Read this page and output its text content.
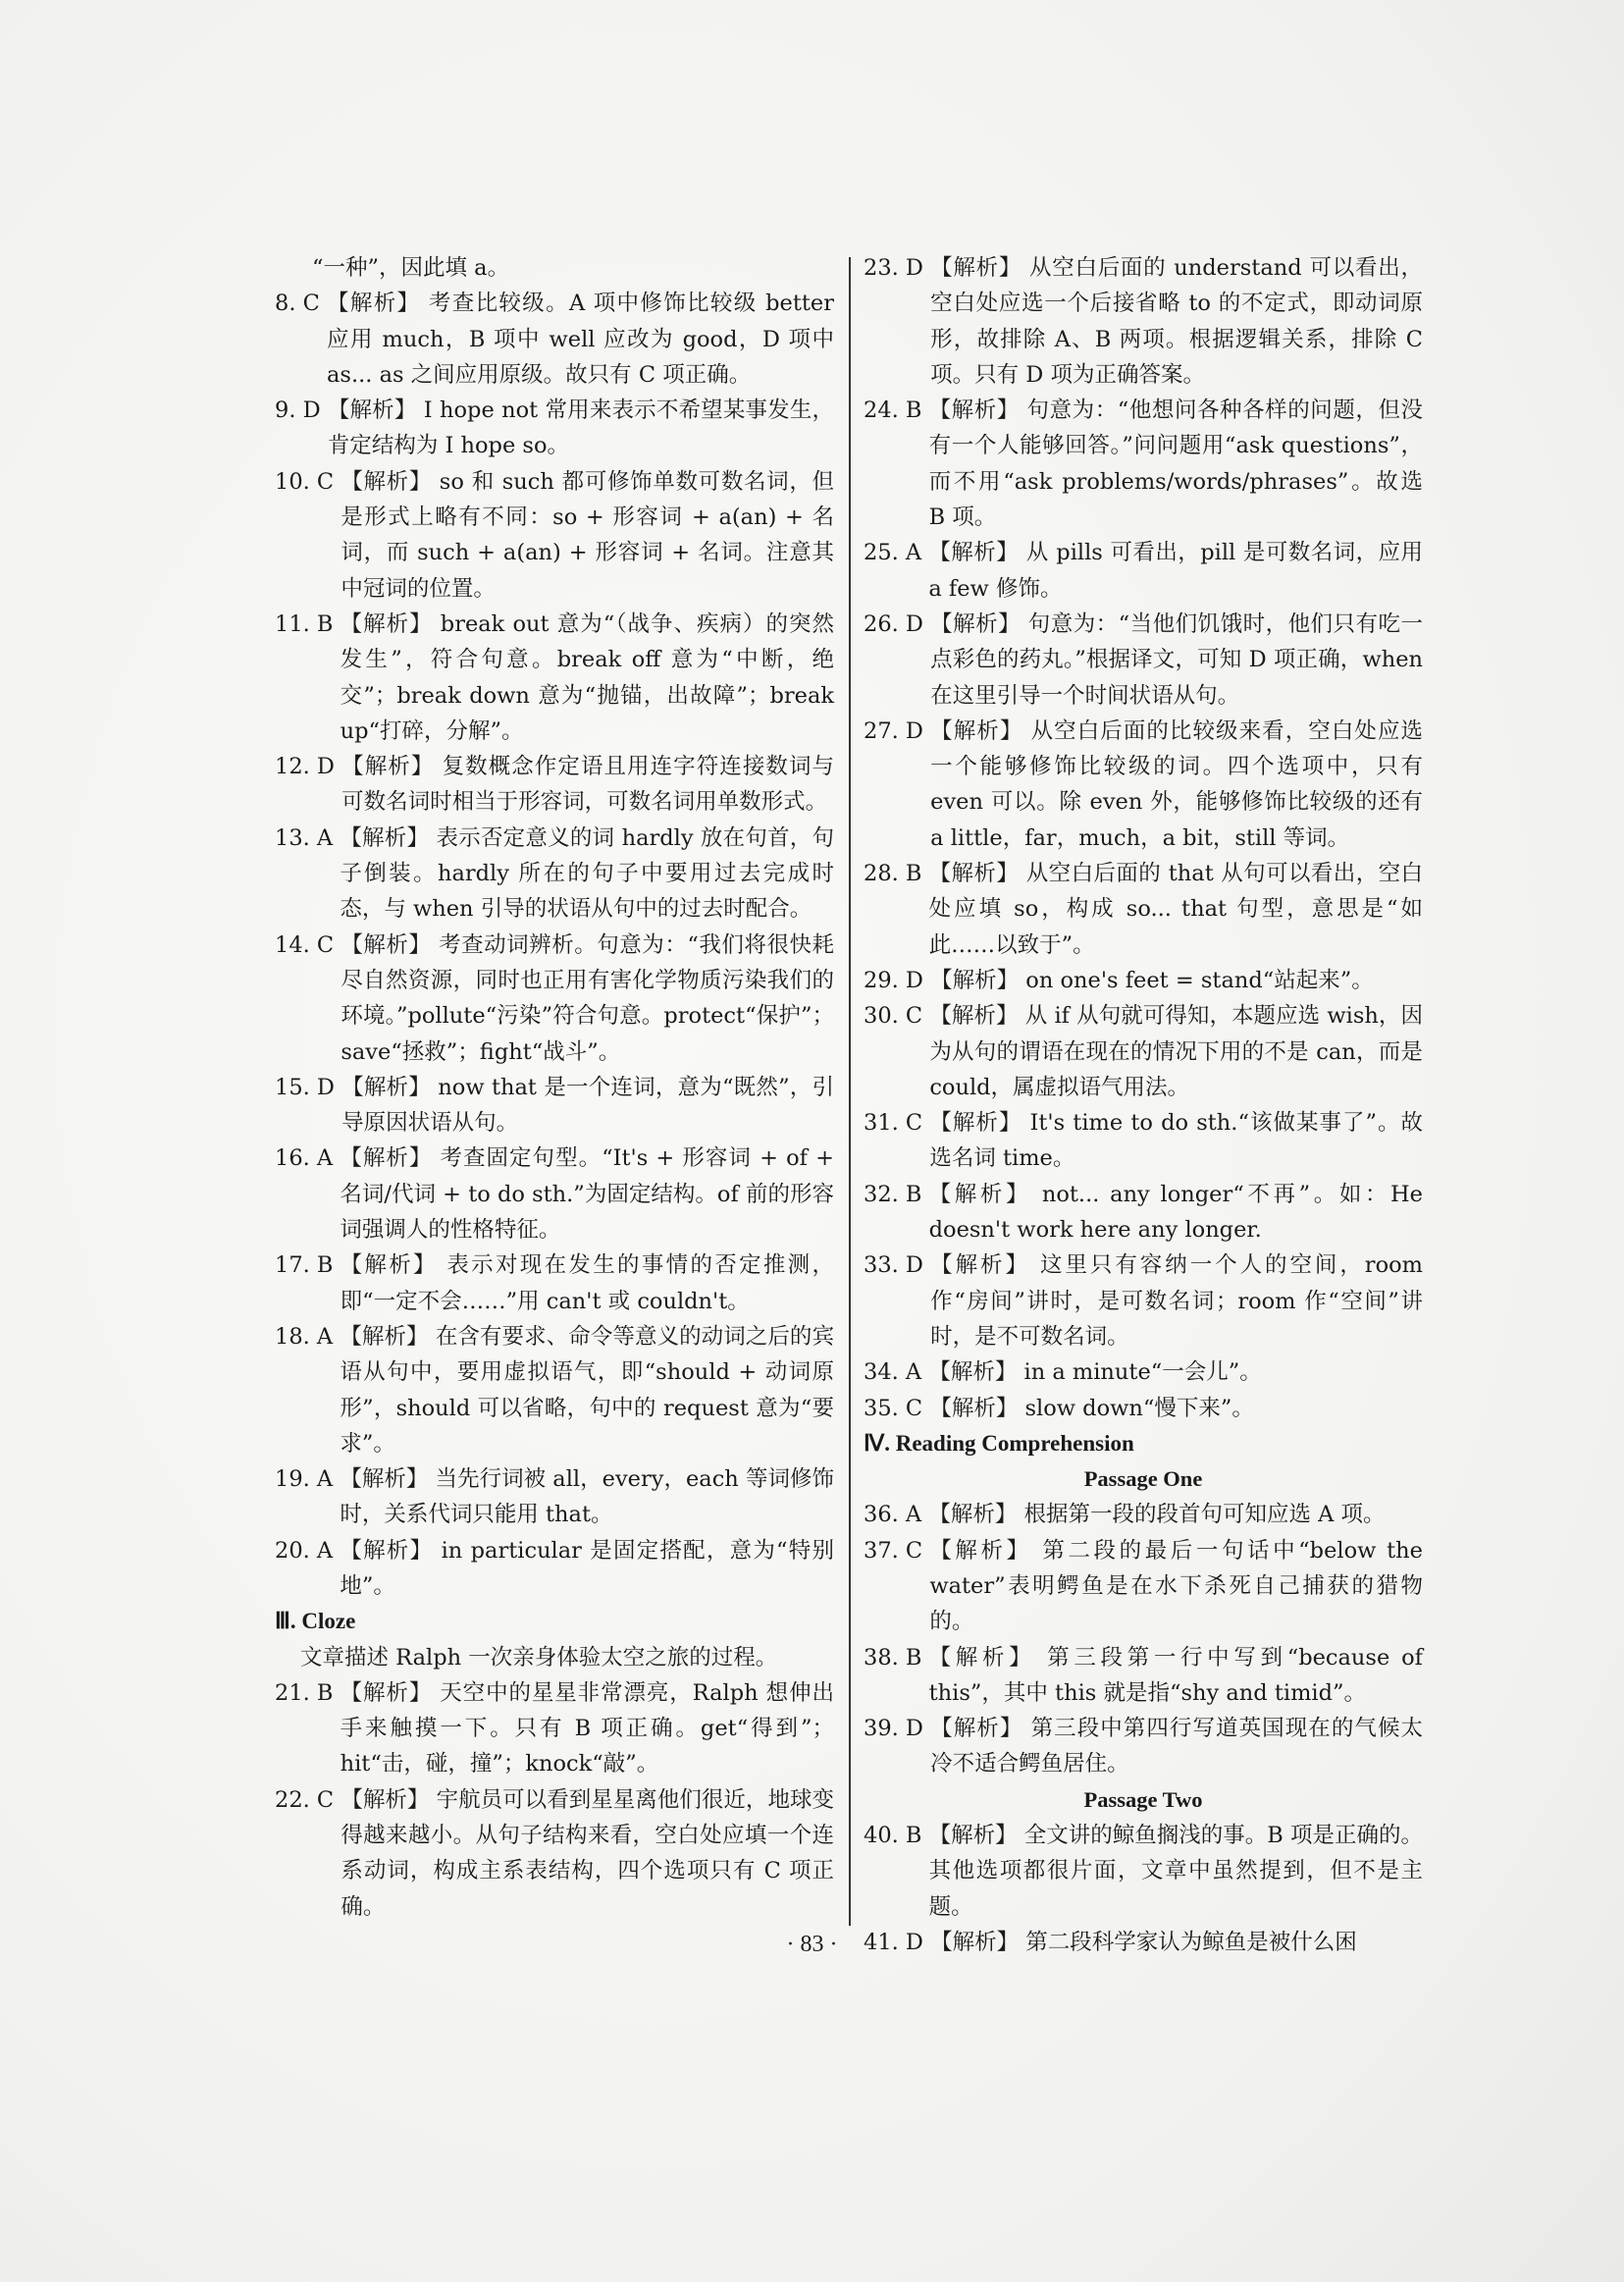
“一种”，因此填 a。
8. C 【解析】 考查比较级。A 项中修饰比较级 better 应用 much，B 项中 well 应改为 good，D 项中 as... as 之间应用原级。故只有 C 项正确。
9. D 【解析】 I hope not 常用来表示不希望某事发生，肯定结构为 I hope so。
10. C 【解析】 so 和 such 都可修饰单数可数名词，但是形式上略有不同：so + 形容词 + a(an) + 名词，而 such + a(an) + 形容词 + 名词。注意其中冠词的位置。
11. B 【解析】 break out 意为“（战争、疾病）的突然发生”，符合句意。break off 意为“中断，绝交”；break down 意为“抛锚，出故障”；break up“打碎，分解”。
12. D 【解析】 复数概念作定语且用连字符连接数词与可数名词时相当于形容词，可数名词用单数形式。
13. A 【解析】 表示否定意义的词 hardly 放在句首，句子倒装。hardly 所在的句子中要用过去完成时态，与 when 引导的状语从句中的过去时配合。
14. C 【解析】 考查动词辨析。句意为：“我们将很快耗尽自然资源，同时也正用有害化学物质污染我们的环境。”pollute“污染”符合句意。protect“保护”；save“拯救”；fight“战斗”。
15. D 【解析】 now that 是一个连词，意为“既然”，引导原因状语从句。
16. A 【解析】 考查固定句型。“It's + 形容词 + of + 名词/代词 + to do sth.”为固定结构。of 前的形容词强调人的性格特征。
17. B 【解析】 表示对现在发生的事情的否定推测，即“一定不会……”用 can't 或 couldn't。
18. A 【解析】 在含有要求、命令等意义的动词之后的宾语从句中，要用虚拟语气，即“should + 动词原形”，should 可以省略，句中的 request 意为“要求”。
19. A 【解析】 当先行词被 all，every，each 等词修饰时，关系代词只能用 that。
20. A 【解析】 in particular 是固定搭配，意为“特别地”。
Ⅲ. Cloze
文章描述 Ralph 一次亲身体验太空之旅的过程。
21. B 【解析】 天空中的星星非常漂亮，Ralph 想伸出手来触摸一下。只有 B 项正确。get“得到”；hit“击，碰，撞”；knock“敲”。
22. C 【解析】 宇航员可以看到星星离他们很近，地球变得越来越小。从句子结构来看，空白处应填一个连系动词，构成主系表结构，四个选项只有 C 项正确。
23. D 【解析】 从空白后面的 understand 可以看出，空白处应选一个后接省略 to 的不定式，即动词原形，故排除 A、B 两项。根据逻辑关系，排除 C 项。只有 D 项为正确答案。
24. B 【解析】 句意为：“他想问各种各样的问题，但没有一个人能够回答。”问问题用“ask questions”，而不用“ask problems/words/phrases”。故选 B 项。
25. A 【解析】 从 pills 可看出，pill 是可数名词，应用 a few 修饰。
26. D 【解析】 句意为：“当他们饥饿时，他们只有吃一点彩色的药丸。”根据译文，可知 D 项正确，when 在这里引导一个时间状语从句。
27. D 【解析】 从空白后面的比较级来看，空白处应选一个能够修饰比较级的词。四个选项中，只有 even 可以。除 even 外，能够修饰比较级的还有 a little，far，much，a bit，still 等词。
28. B 【解析】 从空白后面的 that 从句可以看出，空白处应填 so，构成 so... that 句型，意思是“如此……以致于”。
29. D 【解析】 on one's feet = stand“站起来”。
30. C 【解析】 从 if 从句就可得知，本题应选 wish，因为从句的谓语在现在的情况下用的不是 can，而是 could，属虚拟语气用法。
31. C 【解析】 It's time to do sth.“该做某事了”。故选名词 time。
32. B 【解析】 not... any longer“不再”。如：He doesn't work here any longer.
33. D 【解析】 这里只有容纳一个人的空间，room 作“房间”讲时，是可数名词；room 作“空间”讲时，是不可数名词。
34. A 【解析】 in a minute“一会儿”。
35. C 【解析】 slow down“慢下来”。
Ⅳ. Reading Comprehension
Passage One
36. A 【解析】 根据第一段的段首句可知应选 A 项。
37. C 【解析】 第二段的最后一句话中“below the water”表明鳄鱼是在水下杀死自己捕获的猎物的。
38. B 【解析】 第三段第一行中写到“because of this”，其中 this 就是指“shy and timid”。
39. D 【解析】 第三段中第四行写道英国现在的气候太冷不适合鳄鱼居住。
Passage Two
40. B 【解析】 全文讲的鲸鱼搁浅的事。B 项是正确的。其他选项都很片面，文章中虽然提到，但不是主题。
41. D 【解析】 第二段科学家认为鲸鱼是被什么困
· 83 ·
